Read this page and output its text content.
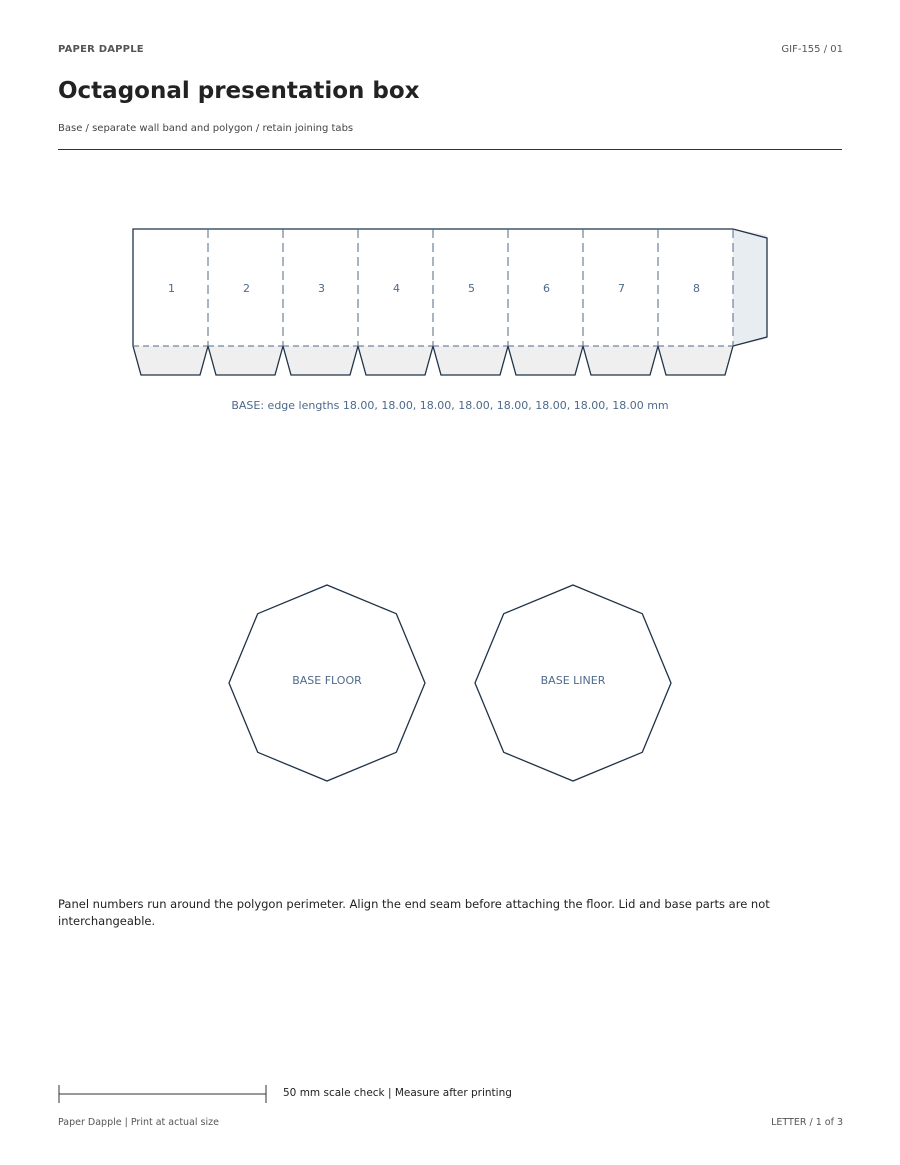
PAPER DAPPLE	GIF-155 / 01
Octagonal presentation box
Base / separate wall band and polygon / retain joining tabs
1	2	3	4	5	6	7	8
BASE: edge lengths 18.00, 18.00, 18.00, 18.00, 18.00, 18.00, 18.00, 18.00 mm
BASE FLOOR	BASE LINER
Panel numbers run around the polygon perimeter. Align the end seam before attaching the floor. Lid and base parts are not interchangeable.
50 mm scale check | Measure after printing
Paper Dapple | Print at actual size	LETTER / 1 of 3
